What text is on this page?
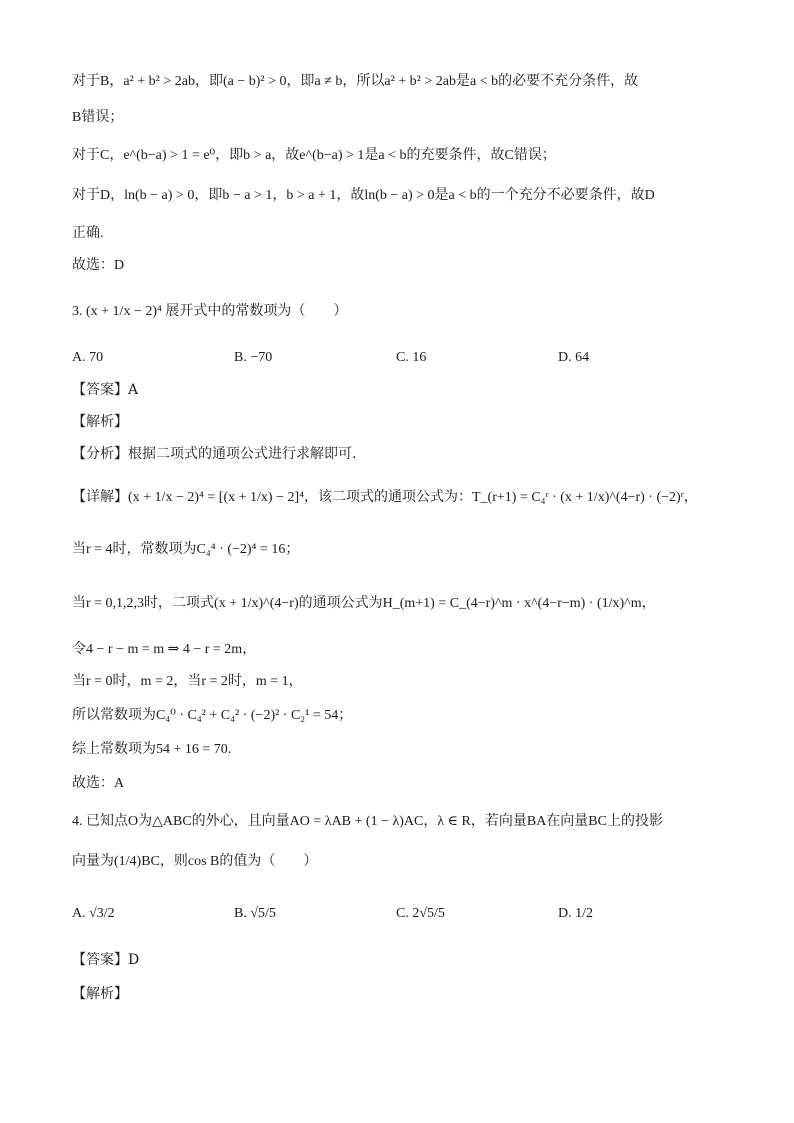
对于B，a² + b² > 2ab，即(a − b)² > 0，即a ≠ b，所以a² + b² > 2ab是a < b的必要不充分条件，故
B错误；
对于C，e^(b−a) > 1 = e⁰，即b > a，故e^(b−a) > 1是a < b的充要条件，故C错误；
对于D，ln(b − a) > 0，即b − a > 1，b > a + 1，故ln(b − a) > 0是a < b的一个充分不必要条件，故D
正确.
故选：D
3. (x + 1/x − 2)⁴ 展开式中的常数项为（　　）
A. 70	B. −70	C. 16	D. 64
【答案】A
【解析】
【分析】根据二项式的通项公式进行求解即可.
【详解】(x + 1/x − 2)⁴ = [(x + 1/x) − 2]⁴，该二项式的通项公式为：T_(r+1) = C₄ʳ · (x + 1/x)^(4−r) · (−2)ʳ，
当r = 4时，常数项为C₄⁴ · (−2)⁴ = 16；
当r = 0,1,2,3时，二项式(x + 1/x)^(4−r)的通项公式为H_(m+1) = C_(4−r)^m · x^(4−r−m) · (1/x)^m，
令4 − r − m = m ⇒ 4 − r = 2m，
当r = 0时，m = 2，当r = 2时，m = 1，
所以常数项为C₄⁰ · C₄² + C₄² · (−2)² · C₂¹ = 54；
综上常数项为54 + 16 = 70.
故选：A
4. 已知点O为△ABC的外心，且向量AO = λAB + (1 − λ)AC，λ ∈ R，若向量BA在向量BC上的投影
向量为(1/4)BC，则cos B的值为（　　）
A. √3/2	B. √5/5	C. 2√5/5	D. 1/2
【答案】D
【解析】
